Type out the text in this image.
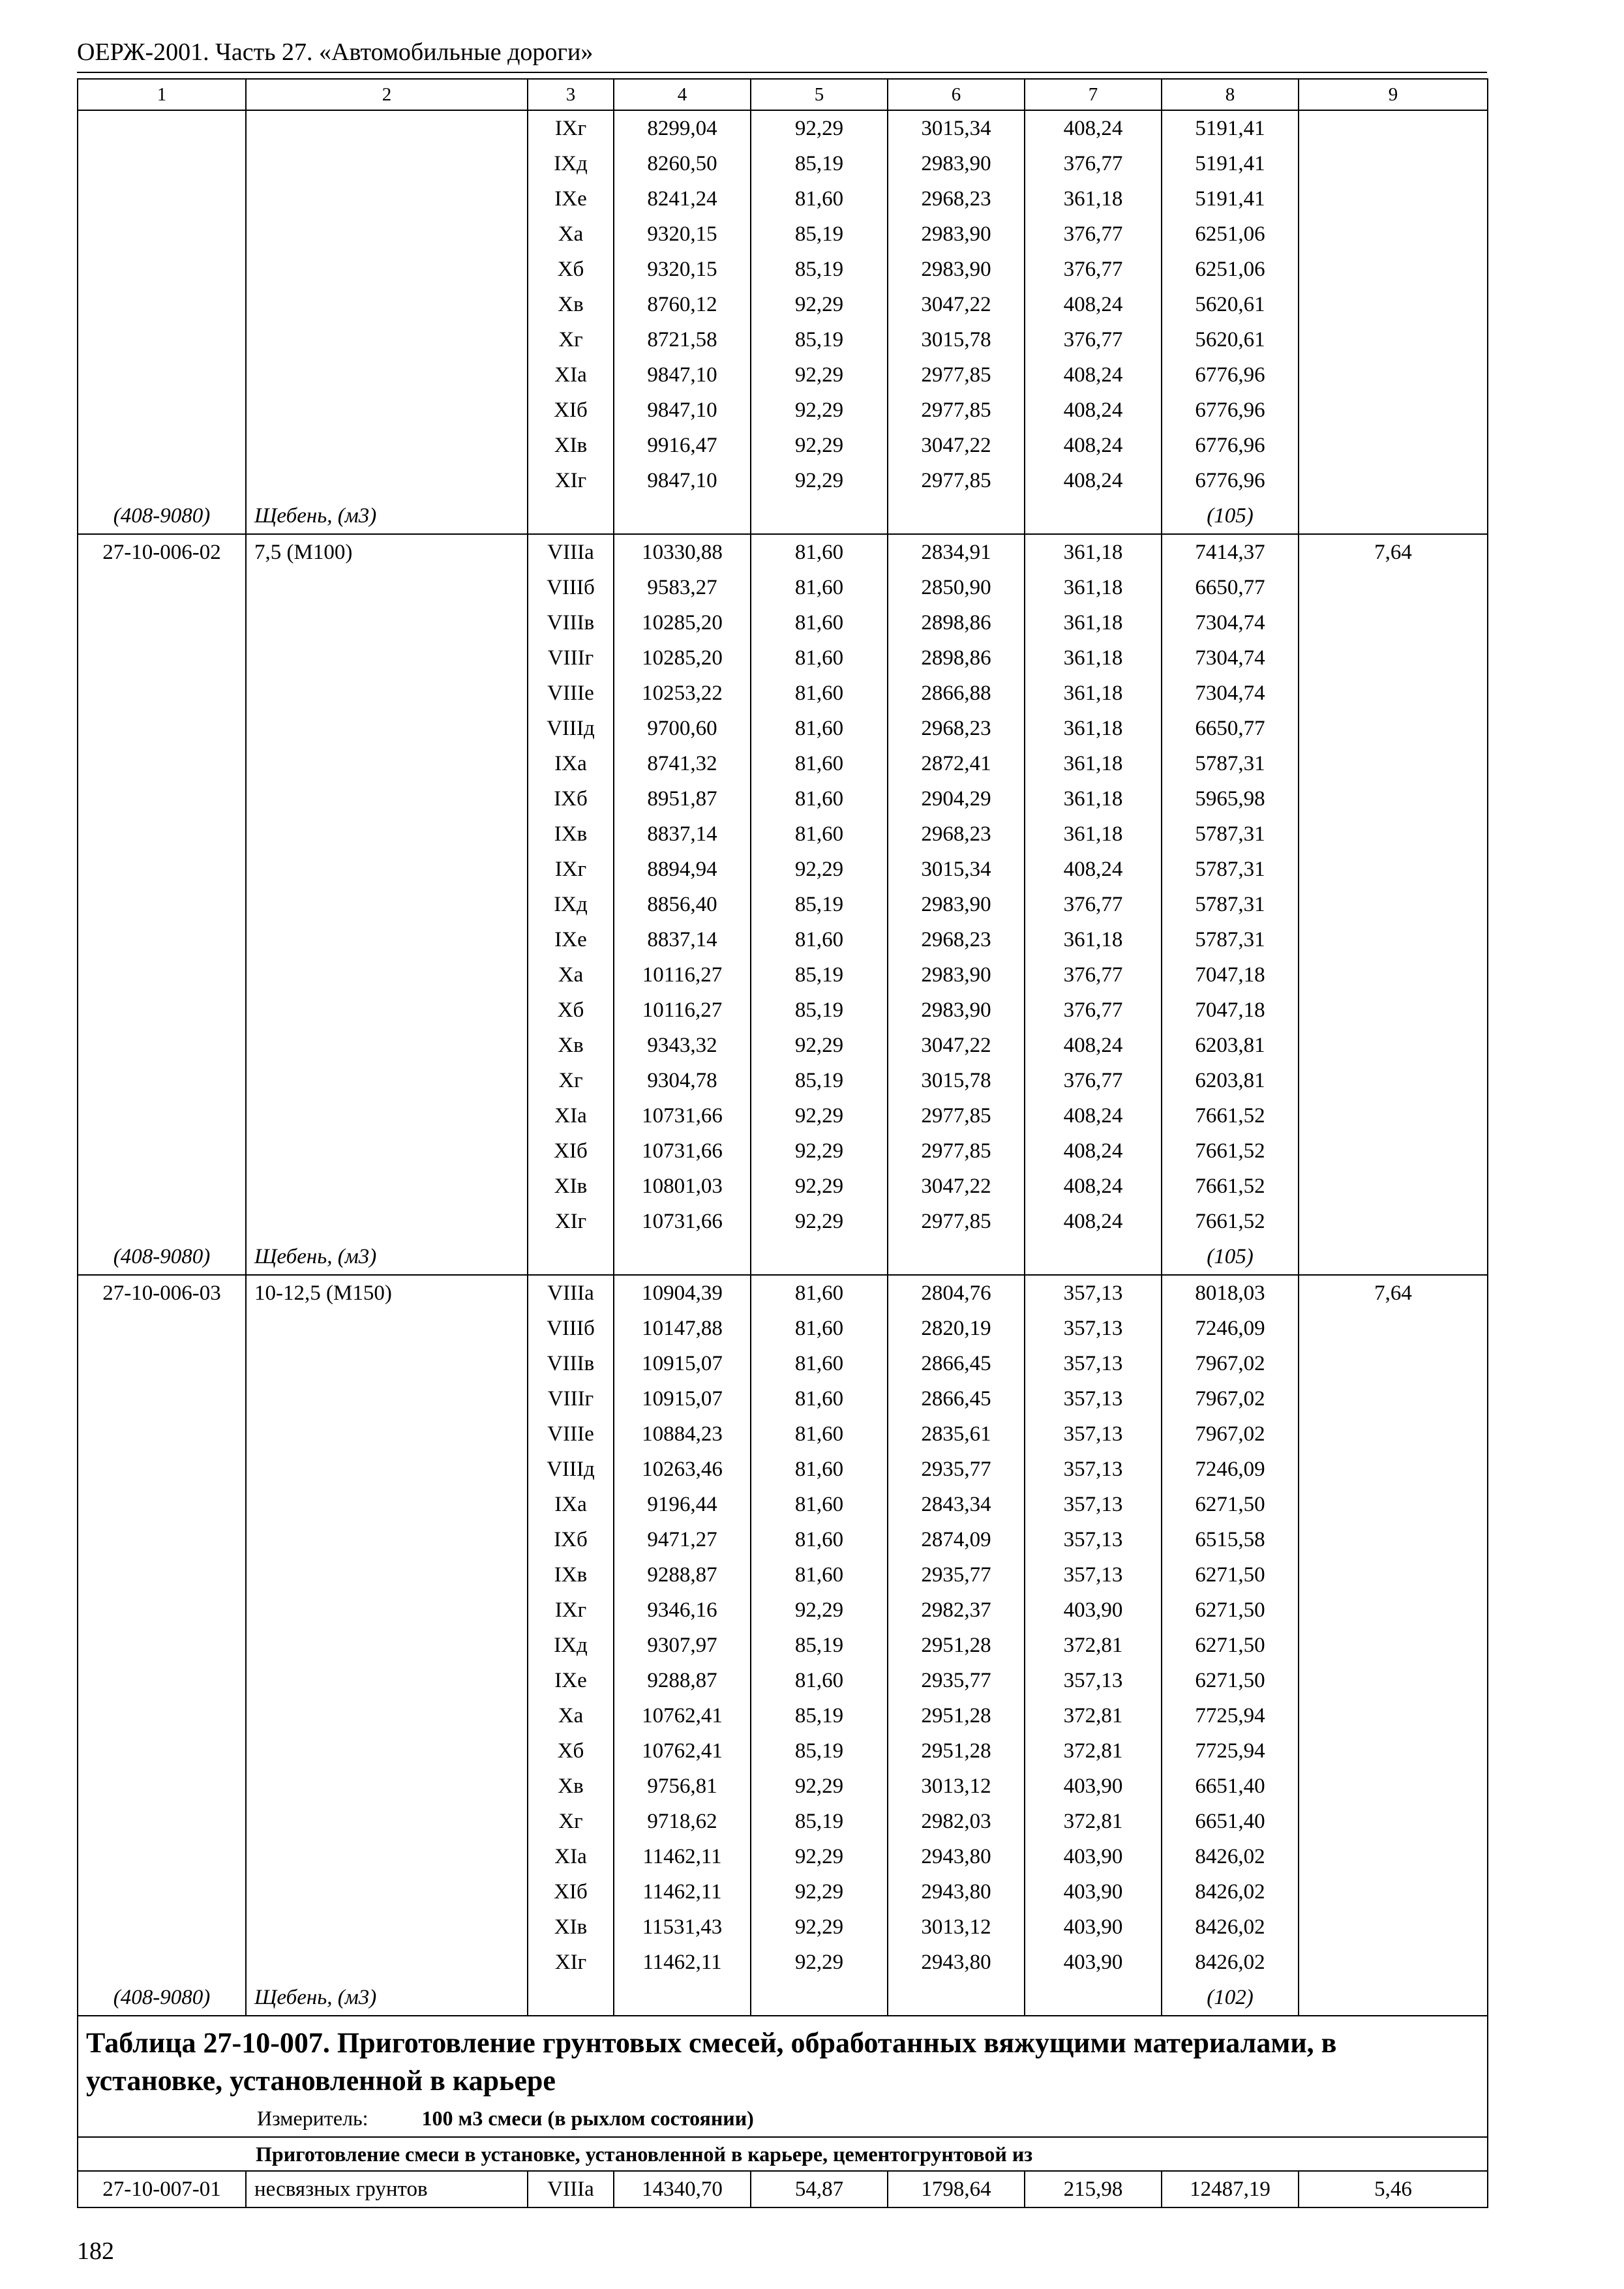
ОЕРЖ-2001. Часть 27. «Автомобильные дороги»
1	2	3	4	5	6	7	8	9
		IXг	8299,04	92,29	3015,34	408,24	5191,41	
		IXд	8260,50	85,19	2983,90	376,77	5191,41	
		IXе	8241,24	81,60	2968,23	361,18	5191,41	
		Xа	9320,15	85,19	2983,90	376,77	6251,06	
		Xб	9320,15	85,19	2983,90	376,77	6251,06	
		Xв	8760,12	92,29	3047,22	408,24	5620,61	
		Xг	8721,58	85,19	3015,78	376,77	5620,61	
		XIа	9847,10	92,29	2977,85	408,24	6776,96	
		XIб	9847,10	92,29	2977,85	408,24	6776,96	
		XIв	9916,47	92,29	3047,22	408,24	6776,96	
		XIг	9847,10	92,29	2977,85	408,24	6776,96	
(408-9080)	Щебень, (м3)						(105)	
27-10-006-02	7,5 (М100)	VIIIа	10330,88	81,60	2834,91	361,18	7414,37	7,64
		VIIIб	9583,27	81,60	2850,90	361,18	6650,77	
		VIIIв	10285,20	81,60	2898,86	361,18	7304,74	
		VIIIг	10285,20	81,60	2898,86	361,18	7304,74	
		VIIIе	10253,22	81,60	2866,88	361,18	7304,74	
		VIIIд	9700,60	81,60	2968,23	361,18	6650,77	
		IXа	8741,32	81,60	2872,41	361,18	5787,31	
		IXб	8951,87	81,60	2904,29	361,18	5965,98	
		IXв	8837,14	81,60	2968,23	361,18	5787,31	
		IXг	8894,94	92,29	3015,34	408,24	5787,31	
		IXд	8856,40	85,19	2983,90	376,77	5787,31	
		IXе	8837,14	81,60	2968,23	361,18	5787,31	
		Xа	10116,27	85,19	2983,90	376,77	7047,18	
		Xб	10116,27	85,19	2983,90	376,77	7047,18	
		Xв	9343,32	92,29	3047,22	408,24	6203,81	
		Xг	9304,78	85,19	3015,78	376,77	6203,81	
		XIа	10731,66	92,29	2977,85	408,24	7661,52	
		XIб	10731,66	92,29	2977,85	408,24	7661,52	
		XIв	10801,03	92,29	3047,22	408,24	7661,52	
		XIг	10731,66	92,29	2977,85	408,24	7661,52	
(408-9080)	Щебень, (м3)						(105)	
27-10-006-03	10-12,5 (М150)	VIIIа	10904,39	81,60	2804,76	357,13	8018,03	7,64
		VIIIб	10147,88	81,60	2820,19	357,13	7246,09	
		VIIIв	10915,07	81,60	2866,45	357,13	7967,02	
		VIIIг	10915,07	81,60	2866,45	357,13	7967,02	
		VIIIе	10884,23	81,60	2835,61	357,13	7967,02	
		VIIIд	10263,46	81,60	2935,77	357,13	7246,09	
		IXа	9196,44	81,60	2843,34	357,13	6271,50	
		IXб	9471,27	81,60	2874,09	357,13	6515,58	
		IXв	9288,87	81,60	2935,77	357,13	6271,50	
		IXг	9346,16	92,29	2982,37	403,90	6271,50	
		IXд	9307,97	85,19	2951,28	372,81	6271,50	
		IXе	9288,87	81,60	2935,77	357,13	6271,50	
		Xа	10762,41	85,19	2951,28	372,81	7725,94	
		Xб	10762,41	85,19	2951,28	372,81	7725,94	
		Xв	9756,81	92,29	3013,12	403,90	6651,40	
		Xг	9718,62	85,19	2982,03	372,81	6651,40	
		XIа	11462,11	92,29	2943,80	403,90	8426,02	
		XIб	11462,11	92,29	2943,80	403,90	8426,02	
		XIв	11531,43	92,29	3013,12	403,90	8426,02	
		XIг	11462,11	92,29	2943,80	403,90	8426,02	
(408-9080)	Щебень, (м3)						(102)	

Таблица 27-10-007. Приготовление грунтовых смесей, обработанных вяжущими материалами, в установке, установленной в карьере
Измеритель: 100 м3 смеси (в рыхлом состоянии)								

Приготовление смеси в установке, установленной в карьере, цементогрунтовой из								
27-10-007-01	несвязных грунтов	VIIIа	14340,70	54,87	1798,64	215,98	12487,19	5,46
182
